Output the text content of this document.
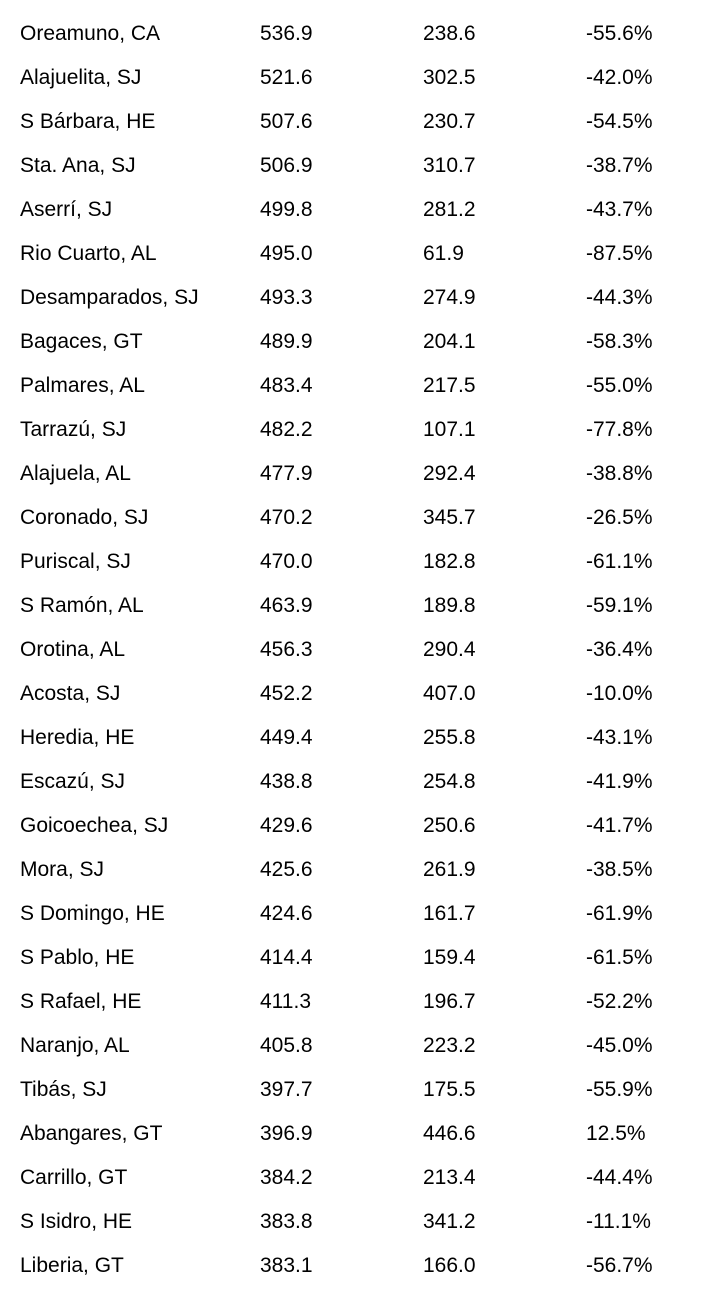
Oreamuno, CA	536.9	238.6	-55.6%
Alajuelita, SJ	521.6	302.5	-42.0%
S Bárbara, HE	507.6	230.7	-54.5%
Sta. Ana, SJ	506.9	310.7	-38.7%
Aserrí, SJ	499.8	281.2	-43.7%
Rio Cuarto, AL	495.0	61.9	-87.5%
Desamparados, SJ	493.3	274.9	-44.3%
Bagaces, GT	489.9	204.1	-58.3%
Palmares, AL	483.4	217.5	-55.0%
Tarrazú, SJ	482.2	107.1	-77.8%
Alajuela, AL	477.9	292.4	-38.8%
Coronado, SJ	470.2	345.7	-26.5%
Puriscal, SJ	470.0	182.8	-61.1%
S Ramón, AL	463.9	189.8	-59.1%
Orotina, AL	456.3	290.4	-36.4%
Acosta, SJ	452.2	407.0	-10.0%
Heredia, HE	449.4	255.8	-43.1%
Escazú, SJ	438.8	254.8	-41.9%
Goicoechea, SJ	429.6	250.6	-41.7%
Mora, SJ	425.6	261.9	-38.5%
S Domingo, HE	424.6	161.7	-61.9%
S Pablo, HE	414.4	159.4	-61.5%
S Rafael, HE	411.3	196.7	-52.2%
Naranjo, AL	405.8	223.2	-45.0%
Tibás, SJ	397.7	175.5	-55.9%
Abangares, GT	396.9	446.6	12.5%
Carrillo, GT	384.2	213.4	-44.4%
S Isidro, HE	383.8	341.2	-11.1%
Liberia, GT	383.1	166.0	-56.7%
